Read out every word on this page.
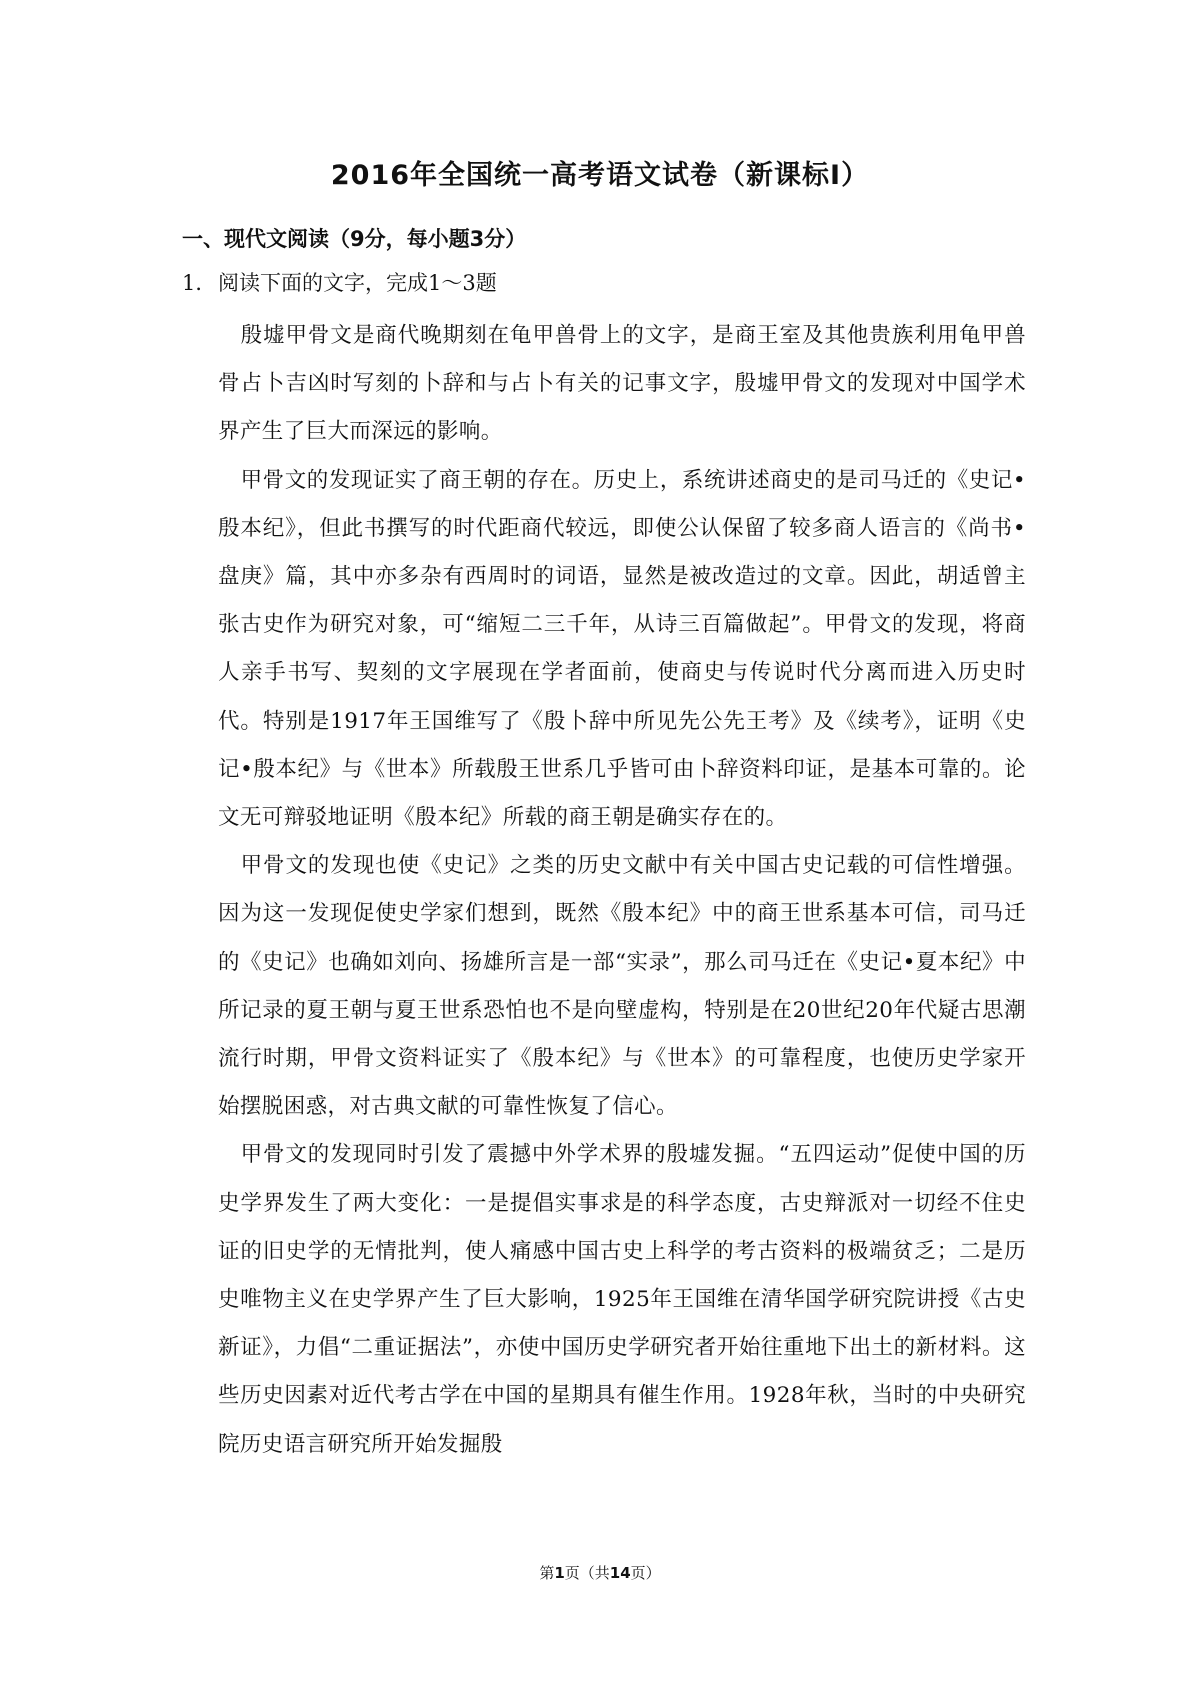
2016年全国统一高考语文试卷（新课标Ⅰ）
一、现代文阅读（9分，每小题3分）
1．阅读下面的文字，完成1～3题

殷墟甲骨文是商代晚期刻在龟甲兽骨上的文字，是商王室及其他贵族利用龟甲兽骨占卜吉凶时写刻的卜辞和与占卜有关的记事文字，殷墟甲骨文的发现对中国学术界产生了巨大而深远的影响。

甲骨文的发现证实了商王朝的存在。历史上，系统讲述商史的是司马迁的《史记•殷本纪》，但此书撰写的时代距商代较远，即使公认保留了较多商人语言的《尚书•盘庚》篇，其中亦多杂有西周时的词语，显然是被改造过的文章。因此，胡适曾主张古史作为研究对象，可“缩短二三千年，从诗三百篇做起”。甲骨文的发现，将商人亲手书写、契刻的文字展现在学者面前，使商史与传说时代分离而进入历史时代。特别是1917年王国维写了《殷卜辞中所见先公先王考》及《续考》，证明《史记•殷本纪》与《世本》所载殷王世系几乎皆可由卜辞资料印证，是基本可靠的。论文无可辩驳地证明《殷本纪》所载的商王朝是确实存在的。

甲骨文的发现也使《史记》之类的历史文献中有关中国古史记载的可信性增强。因为这一发现促使史学家们想到，既然《殷本纪》中的商王世系基本可信，司马迁的《史记》也确如刘向、扬雄所言是一部“实录”，那么司马迁在《史记•夏本纪》中所记录的夏王朝与夏王世系恐怕也不是向壁虚构，特别是在20世纪20年代疑古思潮流行时期，甲骨文资料证实了《殷本纪》与《世本》的可靠程度，也使历史学家开始摆脱困惑，对古典文献的可靠性恢复了信心。

甲骨文的发现同时引发了震撼中外学术界的殷墟发掘。“五四运动”促使中国的历史学界发生了两大变化：一是提倡实事求是的科学态度，古史辩派对一切经不住史证的旧史学的无情批判，使人痛感中国古史上科学的考古资料的极端贫乏；二是历史唯物主义在史学界产生了巨大影响，1925年王国维在清华国学研究院讲授《古史新证》，力倡“二重证据法”，亦使中国历史学研究者开始往重地下出土的新材料。这些历史因素对近代考古学在中国的星期具有催生作用。1928年秋，当时的中央研究院历史语言研究所开始发掘殷

第1页（共14页）
